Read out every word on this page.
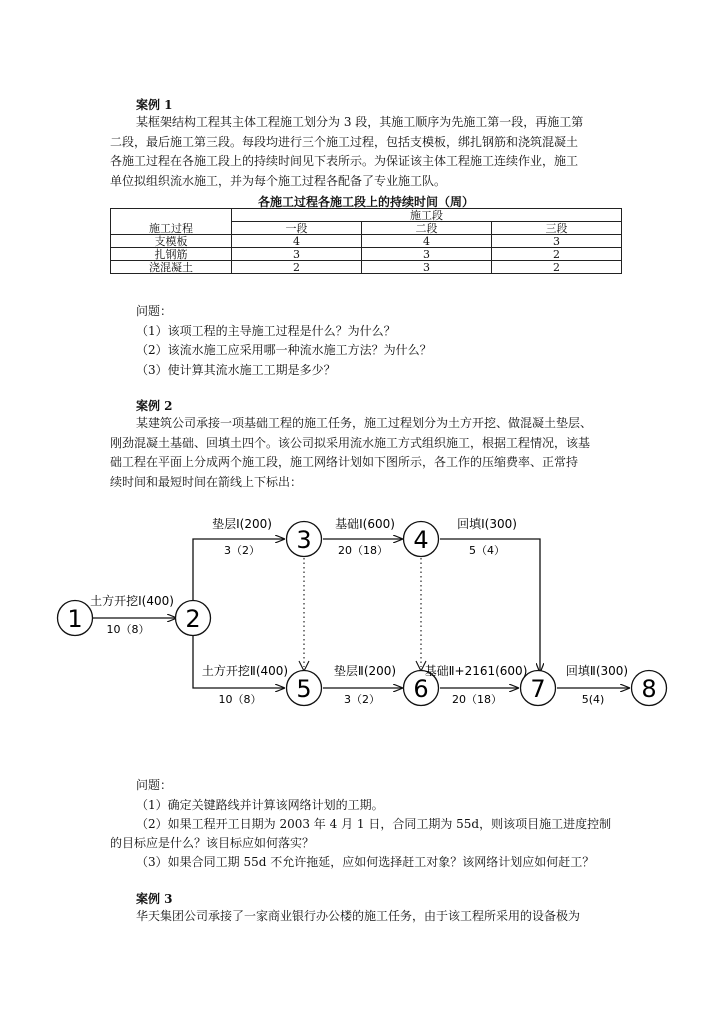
案例 1
某框架结构工程其主体工程施工划分为 3 段，其施工顺序为先施工第一段，再施工第
二段，最后施工第三段。每段均进行三个施工过程，包括支模板，绑扎钢筋和浇筑混凝土
各施工过程在各施工段上的持续时间见下表所示。为保证该主体工程施工连续作业，施工
单位拟组织流水施工，并为每个施工过程各配备了专业施工队。
各施工过程各施工段上的持续时间（周）
施工过程	施工段		
	一段	二段	三段
支模板	4	4	3
扎钢筋	3	3	2
浇混凝土	2	3	2
问题：
（1）该项工程的主导施工过程是什么？为什么？
（2）该流水施工应采用哪一种流水施工方法？为什么？
（3）使计算其流水施工工期是多少？
案例 2
某建筑公司承接一项基础工程的施工任务，施工过程划分为土方开挖、做混凝土垫层、
刚劲混凝土基础、回填土四个。该公司拟采用流水施工方式组织施工，根据工程情况，该基
础工程在平面上分成两个施工段，施工网络计划如下图所示，各工作的压缩费率、正常持
续时间和最短时间在箭线上下标出：
1	2
3	4
5	6	7	8
土方开挖Ⅰ(400)
10（8）
垫层Ⅰ(200)
3（2）
基础Ⅰ(600)
20（18）
回填Ⅰ(300)
5（4）
土方开挖Ⅱ(400)
10（8）
垫层Ⅱ(200)
3（2）
基础Ⅱ+2161(600)
20（18）
回填Ⅱ(300)
5(4)
问题：
（1）确定关键路线并计算该网络计划的工期。
（2）如果工程开工日期为 2003 年 4 月 1 日，合同工期为 55d，则该项目施工进度控制
的目标应是什么？该目标应如何落实？
（3）如果合同工期 55d 不允许拖延，应如何选择赶工对象？该网络计划应如何赶工？
案例 3
华天集团公司承接了一家商业银行办公楼的施工任务，由于该工程所采用的设备极为
